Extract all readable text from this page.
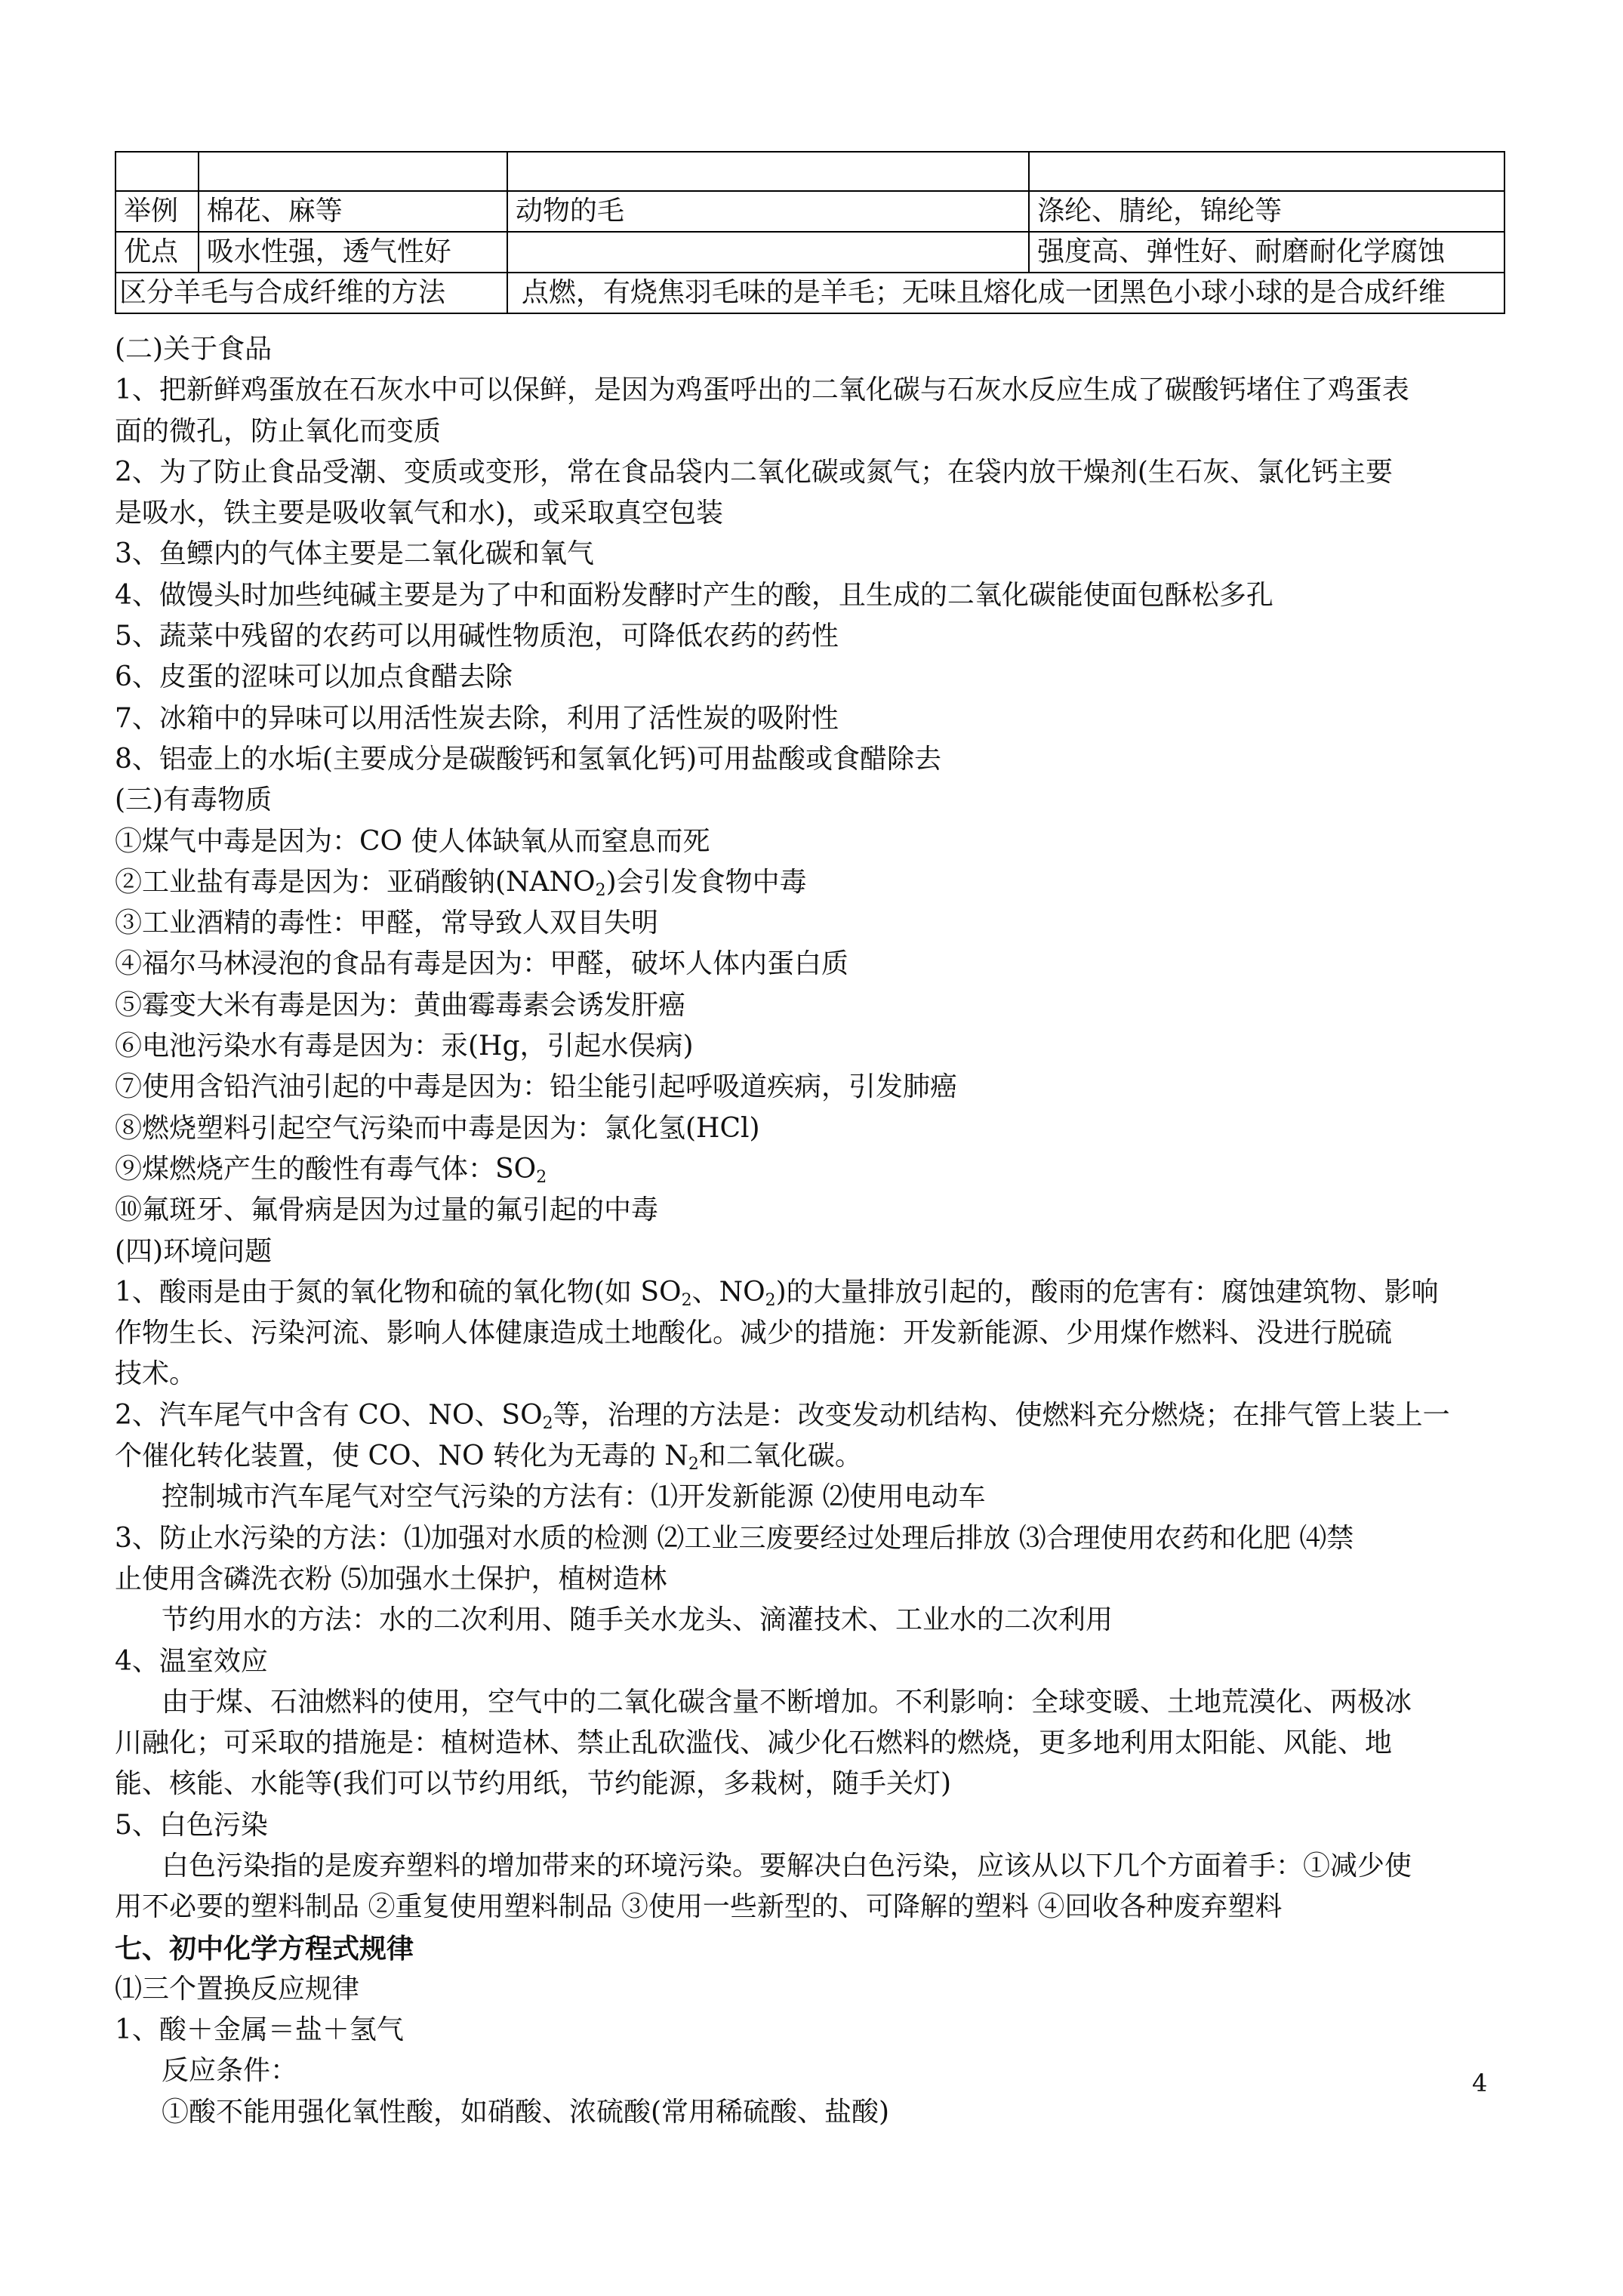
举例	棉花、麻等	动物的毛	涤纶、腈纶，锦纶等
优点	吸水性强，透气性好		强度高、弹性好、耐磨耐化学腐蚀
区分羊毛与合成纤维的方法		点燃，有烧焦羽毛味的是羊毛；无味且熔化成一团黑色小球小球的是合成纤维	
(二)关于食品
1、把新鲜鸡蛋放在石灰水中可以保鲜，是因为鸡蛋呼出的二氧化碳与石灰水反应生成了碳酸钙堵住了鸡蛋表
面的微孔，防止氧化而变质
2、为了防止食品受潮、变质或变形，常在食品袋内二氧化碳或氮气；在袋内放干燥剂(生石灰、氯化钙主要
是吸水，铁主要是吸收氧气和水)，或采取真空包装
3、鱼鳔内的气体主要是二氧化碳和氧气
4、做馒头时加些纯碱主要是为了中和面粉发酵时产生的酸，且生成的二氧化碳能使面包酥松多孔
5、蔬菜中残留的农药可以用碱性物质泡，可降低农药的药性
6、皮蛋的涩味可以加点食醋去除
7、冰箱中的异味可以用活性炭去除，利用了活性炭的吸附性
8、铝壶上的水垢(主要成分是碳酸钙和氢氧化钙)可用盐酸或食醋除去
(三)有毒物质
①煤气中毒是因为：CO 使人体缺氧从而窒息而死
②工业盐有毒是因为：亚硝酸钠$(NANO_2)$会引发食物中毒
③工业酒精的毒性：甲醛，常导致人双目失明
④福尔马林浸泡的食品有毒是因为：甲醛，破坏人体内蛋白质
⑤霉变大米有毒是因为：黄曲霉毒素会诱发肝癌
⑥电池污染水有毒是因为：汞(Hg，引起水俣病)
⑦使用含铅汽油引起的中毒是因为：铅尘能引起呼吸道疾病，引发肺癌
⑧燃烧塑料引起空气污染而中毒是因为：氯化氢(HCl)
⑨煤燃烧产生的酸性有毒气体：$SO_2$
⑩氟斑牙、氟骨病是因为过量的氟引起的中毒
(四)环境问题
1、酸雨是由于氮的氧化物和硫的氧化物(如 $SO_2$、$NO_2$)的大量排放引起的，酸雨的危害有：腐蚀建筑物、影响
作物生长、污染河流、影响人体健康造成土地酸化。减少的措施：开发新能源、少用煤作燃料、没进行脱硫
技术。
2、汽车尾气中含有 CO、NO、$SO_2$等，治理的方法是：改变发动机结构、使燃料充分燃烧；在排气管上装上一
个催化转化装置，使 CO、NO 转化为无毒的 $N_2$和二氧化碳。
控制城市汽车尾气对空气污染的方法有：⑴开发新能源 ⑵使用电动车
3、防止水污染的方法：⑴加强对水质的检测 ⑵工业三废要经过处理后排放 ⑶合理使用农药和化肥 ⑷禁
止使用含磷洗衣粉 ⑸加强水土保护，植树造林
节约用水的方法：水的二次利用、随手关水龙头、滴灌技术、工业水的二次利用
4、温室效应
由于煤、石油燃料的使用，空气中的二氧化碳含量不断增加。不利影响：全球变暖、土地荒漠化、两极冰
川融化；可采取的措施是：植树造林、禁止乱砍滥伐、减少化石燃料的燃烧，更多地利用太阳能、风能、地
能、核能、水能等(我们可以节约用纸，节约能源，多栽树，随手关灯)
5、白色污染
白色污染指的是废弃塑料的增加带来的环境污染。要解决白色污染，应该从以下几个方面着手：①减少使
用不必要的塑料制品 ②重复使用塑料制品 ③使用一些新型的、可降解的塑料 ④回收各种废弃塑料
七、初中化学方程式规律
⑴三个置换反应规律
1、酸＋金属＝盐＋氢气
反应条件：
①酸不能用强化氧性酸，如硝酸、浓硫酸(常用稀硫酸、盐酸)
4
